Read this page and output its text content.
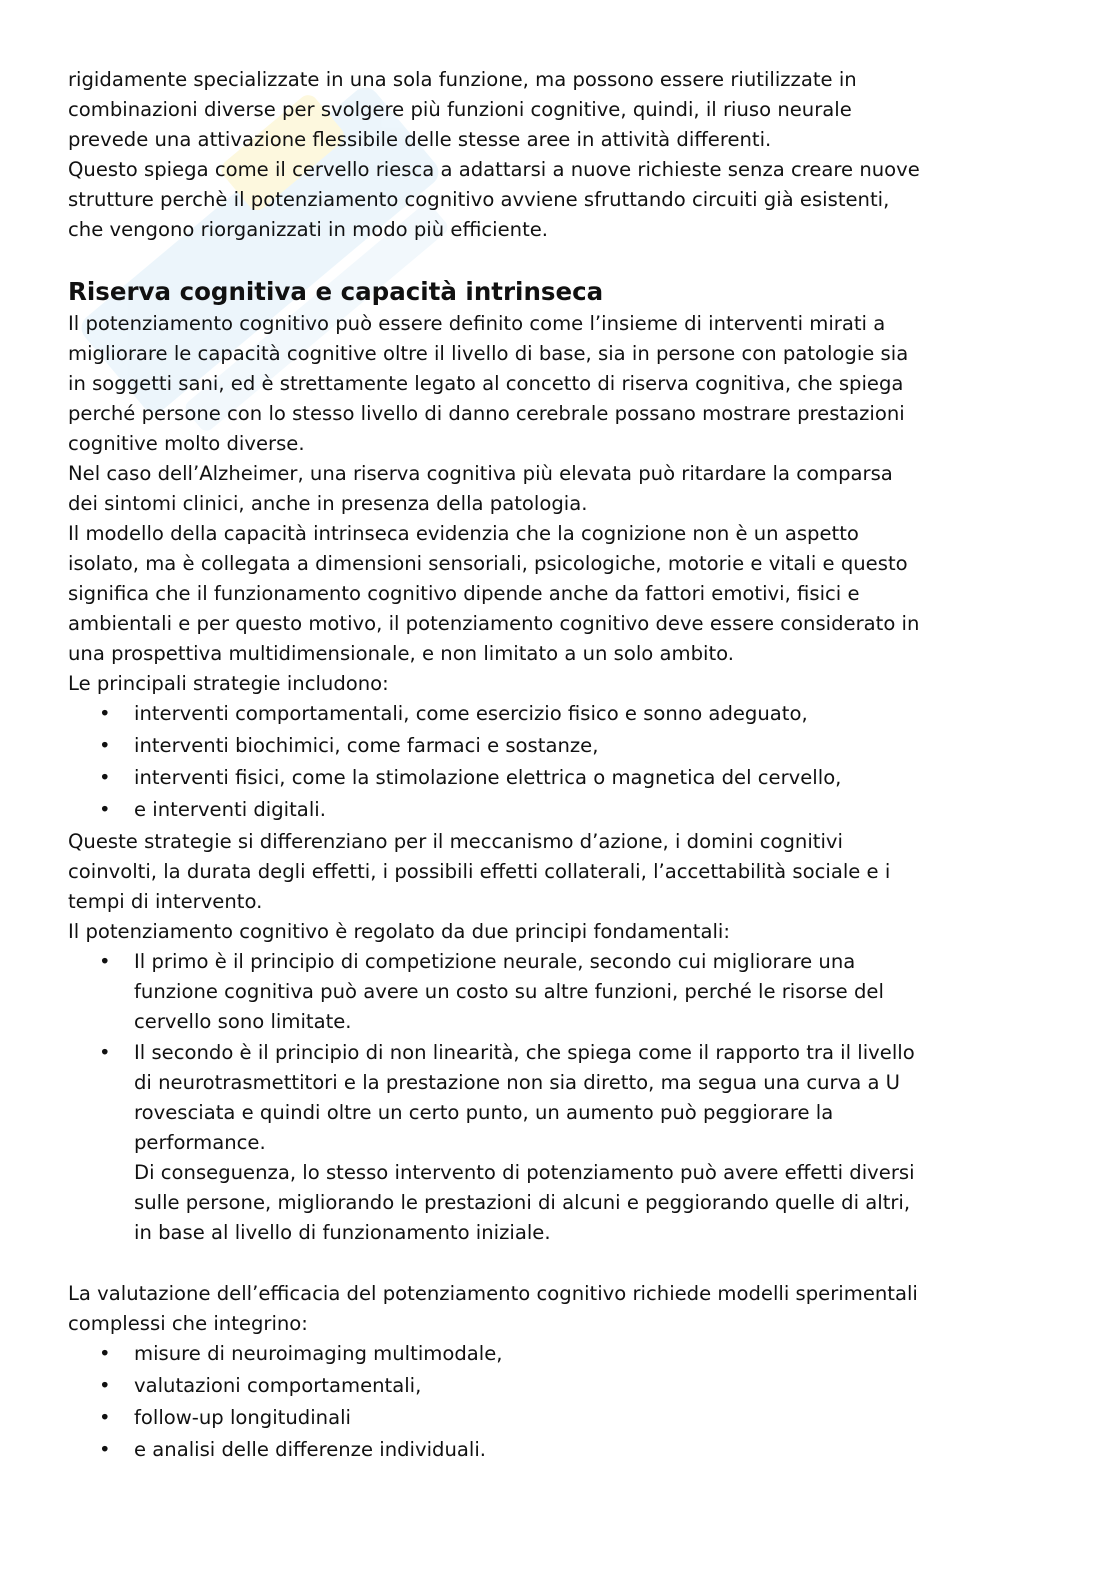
rigidamente specializzate in una sola funzione, ma possono essere riutilizzate in
combinazioni diverse per svolgere più funzioni cognitive, quindi, il riuso neurale
prevede una attivazione flessibile delle stesse aree in attività differenti.
Questo spiega come il cervello riesca a adattarsi a nuove richieste senza creare nuove
strutture perchè il potenziamento cognitivo avviene sfruttando circuiti già esistenti,
che vengono riorganizzati in modo più efficiente.
Riserva cognitiva e capacità intrinseca
Il potenziamento cognitivo può essere definito come l’insieme di interventi mirati a
migliorare le capacità cognitive oltre il livello di base, sia in persone con patologie sia
in soggetti sani, ed è strettamente legato al concetto di riserva cognitiva, che spiega
perché persone con lo stesso livello di danno cerebrale possano mostrare prestazioni
cognitive molto diverse.
Nel caso dell’Alzheimer, una riserva cognitiva più elevata può ritardare la comparsa
dei sintomi clinici, anche in presenza della patologia.
Il modello della capacità intrinseca evidenzia che la cognizione non è un aspetto
isolato, ma è collegata a dimensioni sensoriali, psicologiche, motorie e vitali e questo
significa che il funzionamento cognitivo dipende anche da fattori emotivi, fisici e
ambientali e per questo motivo, il potenziamento cognitivo deve essere considerato in
una prospettiva multidimensionale, e non limitato a un solo ambito.
Le principali strategie includono:
• interventi comportamentali, come esercizio fisico e sonno adeguato,
• interventi biochimici, come farmaci e sostanze,
• interventi fisici, come la stimolazione elettrica o magnetica del cervello,
• e interventi digitali.
Queste strategie si differenziano per il meccanismo d’azione, i domini cognitivi
coinvolti, la durata degli effetti, i possibili effetti collaterali, l’accettabilità sociale e i
tempi di intervento.
Il potenziamento cognitivo è regolato da due principi fondamentali:
• Il primo è il principio di competizione neurale, secondo cui migliorare una
funzione cognitiva può avere un costo su altre funzioni, perché le risorse del
cervello sono limitate.
• Il secondo è il principio di non linearità, che spiega come il rapporto tra il livello
di neurotrasmettitori e la prestazione non sia diretto, ma segua una curva a U
rovesciata e quindi oltre un certo punto, un aumento può peggiorare la
performance.
Di conseguenza, lo stesso intervento di potenziamento può avere effetti diversi
sulle persone, migliorando le prestazioni di alcuni e peggiorando quelle di altri,
in base al livello di funzionamento iniziale.
La valutazione dell’efficacia del potenziamento cognitivo richiede modelli sperimentali
complessi che integrino:
• misure di neuroimaging multimodale,
• valutazioni comportamentali,
• follow-up longitudinali
• e analisi delle differenze individuali.
